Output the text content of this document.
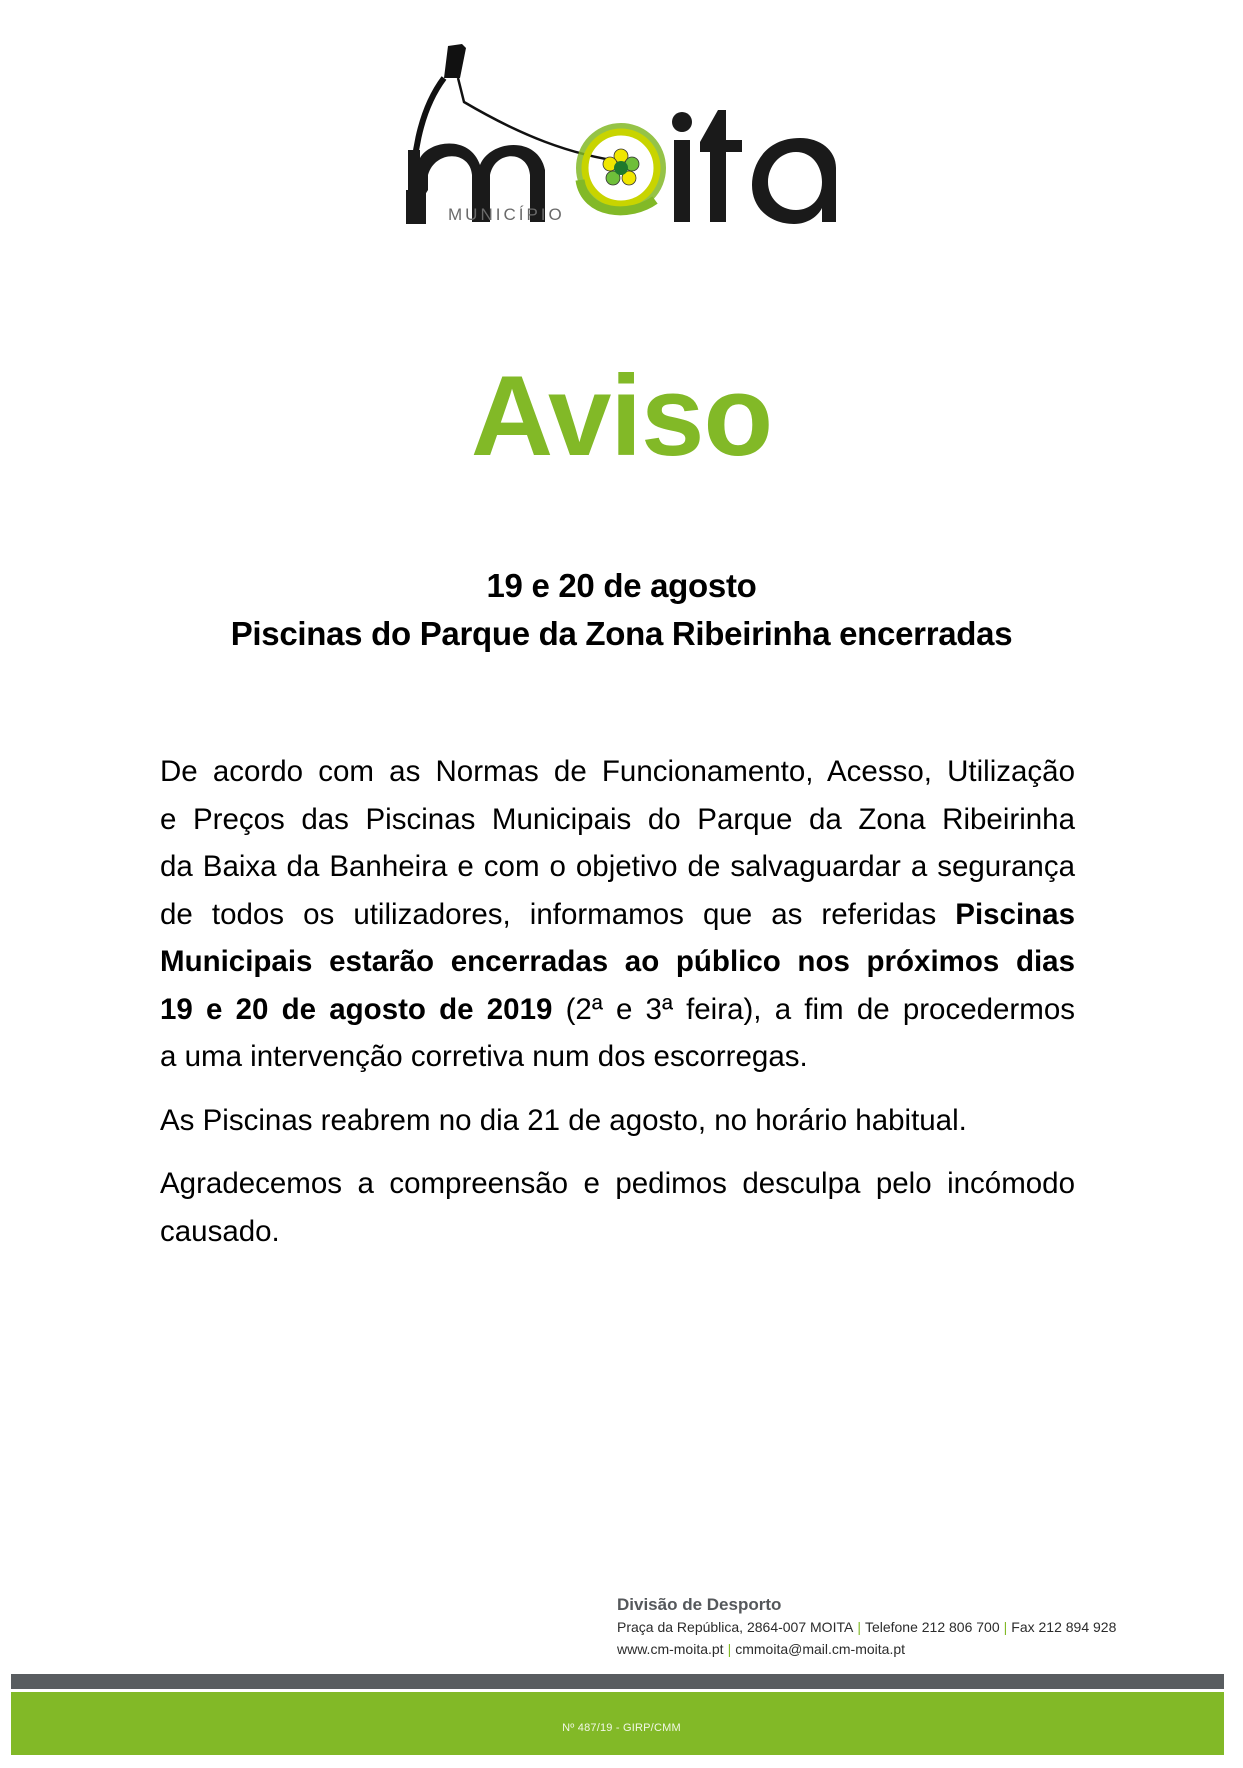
MUNICÍPIO
Aviso
19 e 20 de agosto
Piscinas do Parque da Zona Ribeirinha encerradas
De acordo com as Normas de Funcionamento, Acesso, Utilização
e Preços das Piscinas Municipais do Parque da Zona Ribeirinha
da Baixa da Banheira e com o objetivo de salvaguardar a segurança
de todos os utilizadores, informamos que as referidas Piscinas
Municipais estarão encerradas ao público nos próximos dias
19 e 20 de agosto de 2019 (2ª e 3ª feira), a fim de procedermos
a uma intervenção corretiva num dos escorregas.
As Piscinas reabrem no dia 21 de agosto, no horário habitual.
Agradecemos a compreensão e pedimos desculpa pelo incómodo
causado.
Divisão de Desporto
Praça da República, 2864-007 MOITA | Telefone 212 806 700 | Fax 212 894 928
www.cm-moita.pt | cmmoita@mail.cm-moita.pt
Nº 487/19 - GIRP/CMM
